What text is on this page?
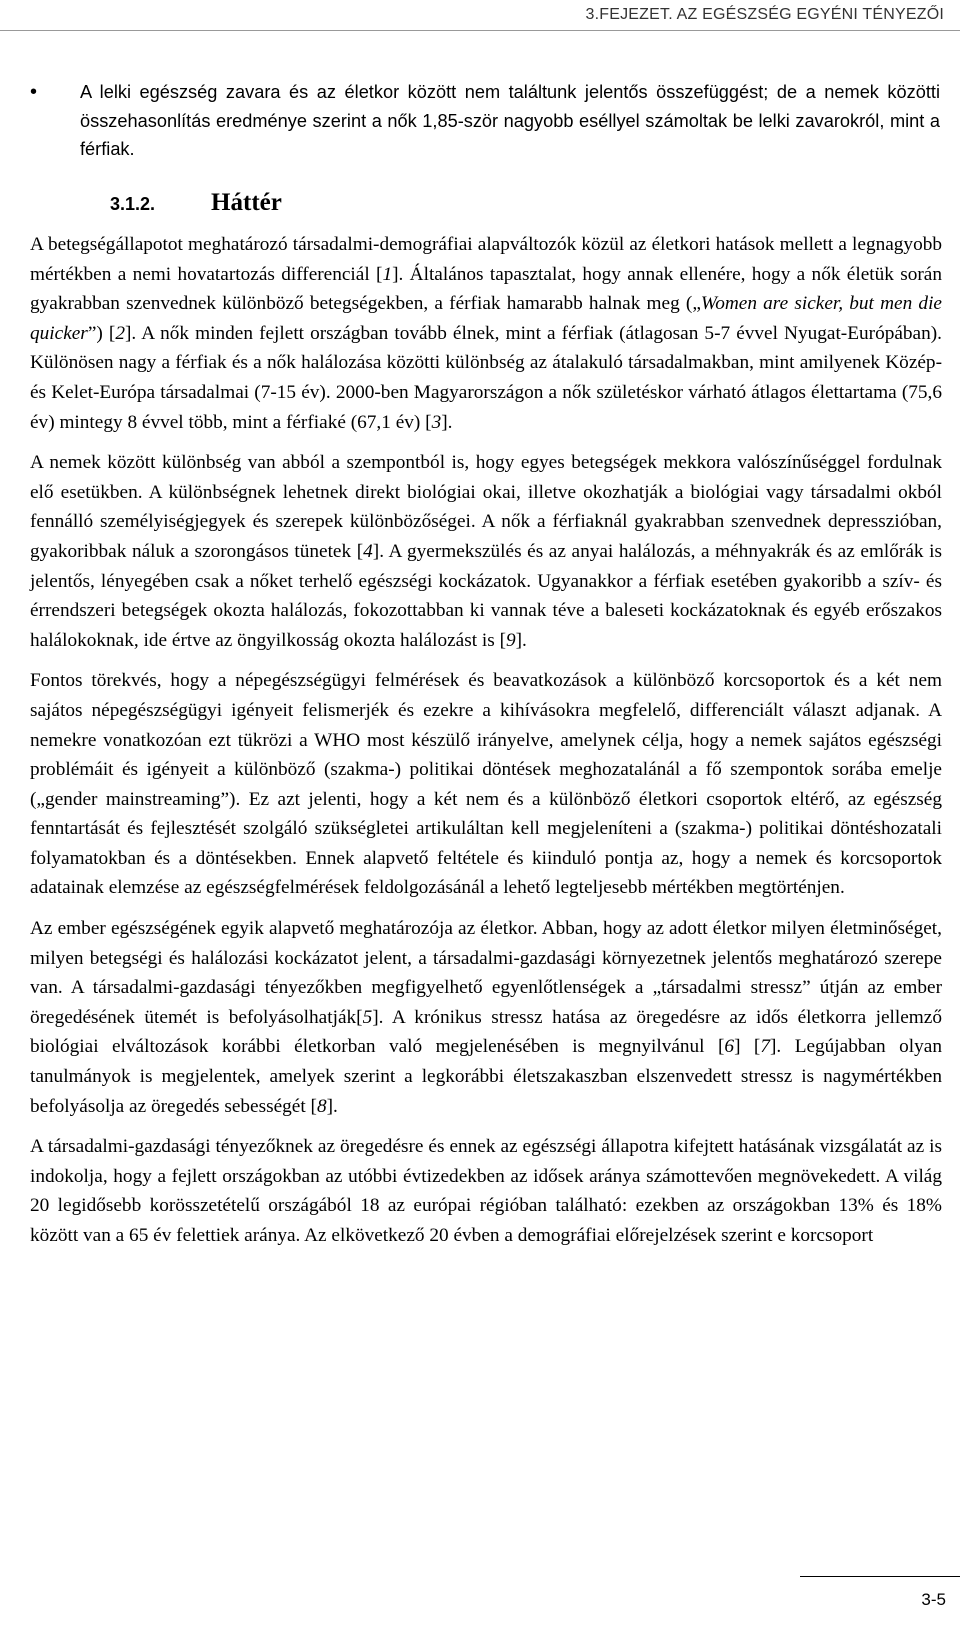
3.FEJEZET. AZ EGÉSZSÉG EGYÉNI TÉNYEZŐI
• A lelki egészség zavara és az életkor között nem találtunk jelentős összefüggést; de a nemek közötti összehasonlítás eredménye szerint a nők 1,85-ször nagyobb eséllyel számoltak be lelki zavarokról, mint a férfiak.
3.1.2. Háttér

A betegségállapotot meghatározó társadalmi-demográfiai alapváltozók közül az életkori hatások mellett a legnagyobb mértékben a nemi hovatartozás differenciál [1]. Általános tapasztalat, hogy annak ellenére, hogy a nők életük során gyakrabban szenvednek különböző betegségekben, a férfiak hamarabb halnak meg („Women are sicker, but men die quicker”) [2]. A nők minden fejlett országban tovább élnek, mint a férfiak (átlagosan 5-7 évvel Nyugat-Európában). Különösen nagy a férfiak és a nők halálozása közötti különbség az átalakuló társadalmakban, mint amilyenek Közép- és Kelet-Európa társadalmai (7-15 év). 2000-ben Magyarországon a nők születéskor várható átlagos élettartama (75,6 év) mintegy 8 évvel több, mint a férfiaké (67,1 év) [3].

A nemek között különbség van abból a szempontból is, hogy egyes betegségek mekkora valószínűséggel fordulnak elő esetükben. A különbségnek lehetnek direkt biológiai okai, illetve okozhatják a biológiai vagy társadalmi okból fennálló személyiségjegyek és szerepek különbözőségei. A nők a férfiaknál gyakrabban szenvednek depresszióban, gyakoribbak náluk a szorongásos tünetek [4]. A gyermekszülés és az anyai halálozás, a méhnyakrák és az emlőrák is jelentős, lényegében csak a nőket terhelő egészségi kockázatok. Ugyanakkor a férfiak esetében gyakoribb a szív- és érrendszeri betegségek okozta halálozás, fokozottabban ki vannak téve a baleseti kockázatoknak és egyéb erőszakos halálokoknak, ide értve az öngyilkosság okozta halálozást is [9].

Fontos törekvés, hogy a népegészségügyi felmérések és beavatkozások a különböző korcsoportok és a két nem sajátos népegészségügyi igényeit felismerjék és ezekre a kihívásokra megfelelő, differenciált választ adjanak. A nemekre vonatkozóan ezt tükrözi a WHO most készülő irányelve, amelynek célja, hogy a nemek sajátos egészségi problémáit és igényeit a különböző (szakma-) politikai döntések meghozatalánál a fő szempontok sorába emelje („gender mainstreaming”). Ez azt jelenti, hogy a két nem és a különböző életkori csoportok eltérő, az egészség fenntartását és fejlesztését szolgáló szükségletei artikuláltan kell megjeleníteni a (szakma-) politikai döntéshozatali folyamatokban és a döntésekben. Ennek alapvető feltétele és kiinduló pontja az, hogy a nemek és korcsoportok adatainak elemzése az egészségfelmérések feldolgozásánál a lehető legteljesebb mértékben megtörténjen.

Az ember egészségének egyik alapvető meghatározója az életkor. Abban, hogy az adott életkor milyen életminőséget, milyen betegségi és halálozási kockázatot jelent, a társadalmi-gazdasági környezetnek jelentős meghatározó szerepe van. A társadalmi-gazdasági tényezőkben megfigyelhető egyenlőtlenségek a „társadalmi stressz” útján az ember öregedésének ütemét is befolyásolhatják[5]. A krónikus stressz hatása az öregedésre az idős életkorra jellemző biológiai elváltozások korábbi életkorban való megjelenésében is megnyilvánul [6] [7]. Legújabban olyan tanulmányok is megjelentek, amelyek szerint a legkorábbi életszakaszban elszenvedett stressz is nagymértékben befolyásolja az öregedés sebességét [8].

A társadalmi-gazdasági tényezőknek az öregedésre és ennek az egészségi állapotra kifejtett hatásának vizsgálatát az is indokolja, hogy a fejlett országokban az utóbbi évtizedekben az idősek aránya számottevően megnövekedett. A világ 20 legidősebb korösszetételű országából 18 az európai régióban található: ezekben az országokban 13% és 18% között van a 65 év felettiek aránya. Az elkövetkező 20 évben a demográfiai előrejelzések szerint e korcsoport

3-5
